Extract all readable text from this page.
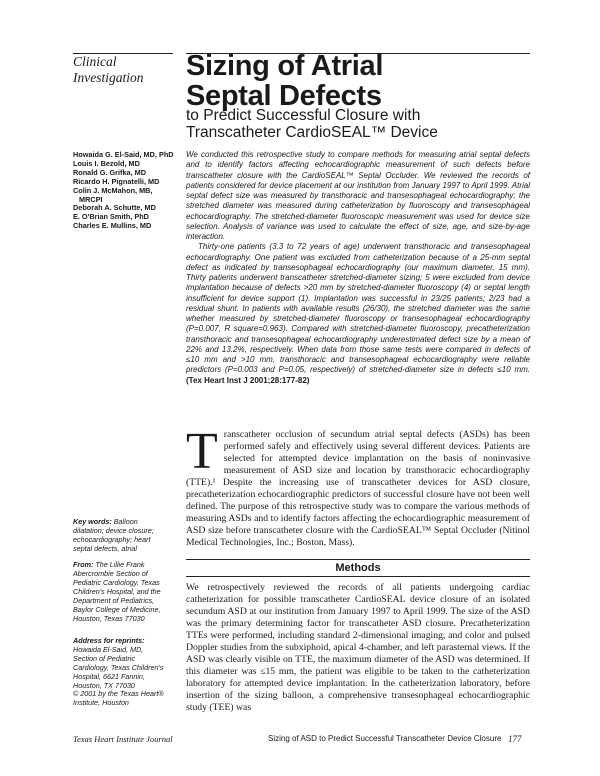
Clinical
Investigation	Sizing of Atrial
Septal Defects
to Predict Successful Closure with
Transcatheter CardioSEAL™ Device
Howaida G. El-Said, MD, PhD
Louis I. Bezold, MD
Ronald G. Grifka, MD
Ricardo H. Pignatelli, MD
Colin J. McMahon, MB,
MRCPI
Deborah A. Schutte, MD
E. O'Brian Smith, PhD
Charles E. Mullins, MD

We conducted this retrospective study to compare methods for measuring atrial septal defects and to identify factors affecting echocardiographic measurement of such defects before transcatheter closure with the CardioSEAL™ Septal Occluder. We reviewed the records of patients considered for device placement at our institution from January 1997 to April 1999. Atrial septal defect size was measured by transthoracic and transesophageal echocardiography; the stretched diameter was measured during catheterization by fluoroscopy and transesophageal echocardiography. The stretched-diameter fluoroscopic measurement was used for device size selection. Analysis of variance was used to calculate the effect of size, age, and size-by-age interaction.

Thirty-one patients (3.3 to 72 years of age) underwent transthoracic and transesophageal echocardiography. One patient was excluded from catheterization because of a 25-mm septal defect as indicated by transesophageal echocardiography (our maximum diameter, 15 mm). Thirty patients underwent transcatheter stretched-diameter sizing; 5 were excluded from device implantation because of defects >20 mm by stretched-diameter fluoroscopy (4) or septal length insufficient for device support (1). Implantation was successful in 23/25 patients; 2/23 had a residual shunt. In patients with available results (26/30), the stretched diameter was the same whether measured by stretched-diameter fluoroscopy or transesophageal echocardiography (P=0.007, R square=0.963). Compared with stretched-diameter fluoroscopy, precatheterization transthoracic and transesophageal echocardiography underestimated defect size by a mean of 22% and 13.2%, respectively. When data from those same tests were compared in defects of ≤10 mm and >10 mm, transthoracic and transesophageal echocardiography were reliable predictors (P=0.003 and P=0.05, respectively) of stretched-diameter size in defects ≤10 mm. (Tex Heart Inst J 2001;28:177-82)

Transcatheter occlusion of secundum atrial septal defects (ASDs) has been performed safely and effectively using several different devices. Patients are selected for attempted device implantation on the basis of noninvasive measurement of ASD size and location by transthoracic echocardiography (TTE).¹ Despite the increasing use of transcatheter devices for ASD closure, precatheterization echocardiographic predictors of successful closure have not been well defined. The purpose of this retrospective study was to compare the various methods of measuring ASDs and to identify factors affecting the echocardiographic measurement of ASD size before transcatheter closure with the CardioSEAL™ Septal Occluder (Nitinol Medical Technologies, Inc.; Boston, Mass).

Key words: Balloon
dilatation; device closure;
echocardiography; heart
septal defects, atrial
From: The Lillie Frank
Abercrombie Section of
Pediatric Cardiology, Texas
Children's Hospital, and the
Department of Pediatrics,
Baylor College of Medicine,
Houston, Texas 77030
Address for reprints:
Howaida El-Said, MD,
Section of Pediatric
Cardiology, Texas Children's
Hospital, 6621 Fannin,
Houston, TX 77030
© 2001 by the Texas Heart®
Institute, Houston
Methods

We retrospectively reviewed the records of all patients undergoing cardiac catheterization for possible transcatheter CardioSEAL device closure of an isolated secundum ASD at our institution from January 1997 to April 1999. The size of the ASD was the primary determining factor for transcatheter ASD closure. Precatheterization TTEs were performed, including standard 2-dimensional imaging, and color and pulsed Doppler studies from the subxiphoid, apical 4-chamber, and left parasternal views. If the ASD was clearly visible on TTE, the maximum diameter of the ASD was determined. If this diameter was ≤15 mm, the patient was eligible to be taken to the catheterization laboratory for attempted device implantation. In the catheterization laboratory, before insertion of the sizing balloon, a comprehensive transesophageal echocardiographic study (TEE) was

Texas Heart Institute Journal	Sizing of ASD to Predict Successful Transcatheter Device Closure 177
